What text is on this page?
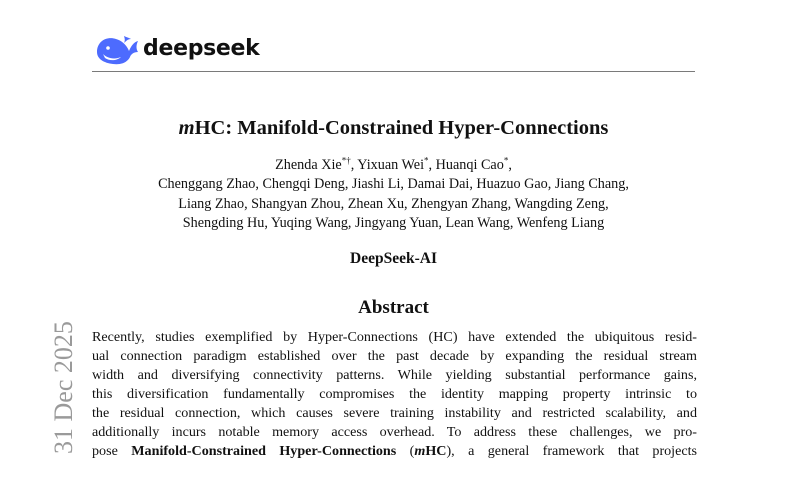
deepseek
mHC: Manifold-Constrained Hyper-Connections
Zhenda Xie*†, Yixuan Wei*, Huanqi Cao*,
Chenggang Zhao, Chengqi Deng, Jiashi Li, Damai Dai, Huazuo Gao, Jiang Chang,
Liang Zhao, Shangyan Zhou, Zhean Xu, Zhengyan Zhang, Wangding Zeng,
Shengding Hu, Yuqing Wang, Jingyang Yuan, Lean Wang, Wenfeng Liang
DeepSeek-AI
Abstract
Recently, studies exemplified by Hyper-Connections (HC) have extended the ubiquitous resid-
ual connection paradigm established over the past decade by expanding the residual stream
width and diversifying connectivity patterns. While yielding substantial performance gains,
this diversification fundamentally compromises the identity mapping property intrinsic to
the residual connection, which causes severe training instability and restricted scalability, and
additionally incurs notable memory access overhead. To address these challenges, we pro-
pose Manifold-Constrained Hyper-Connections (mHC), a general framework that projects
31 Dec 2025
